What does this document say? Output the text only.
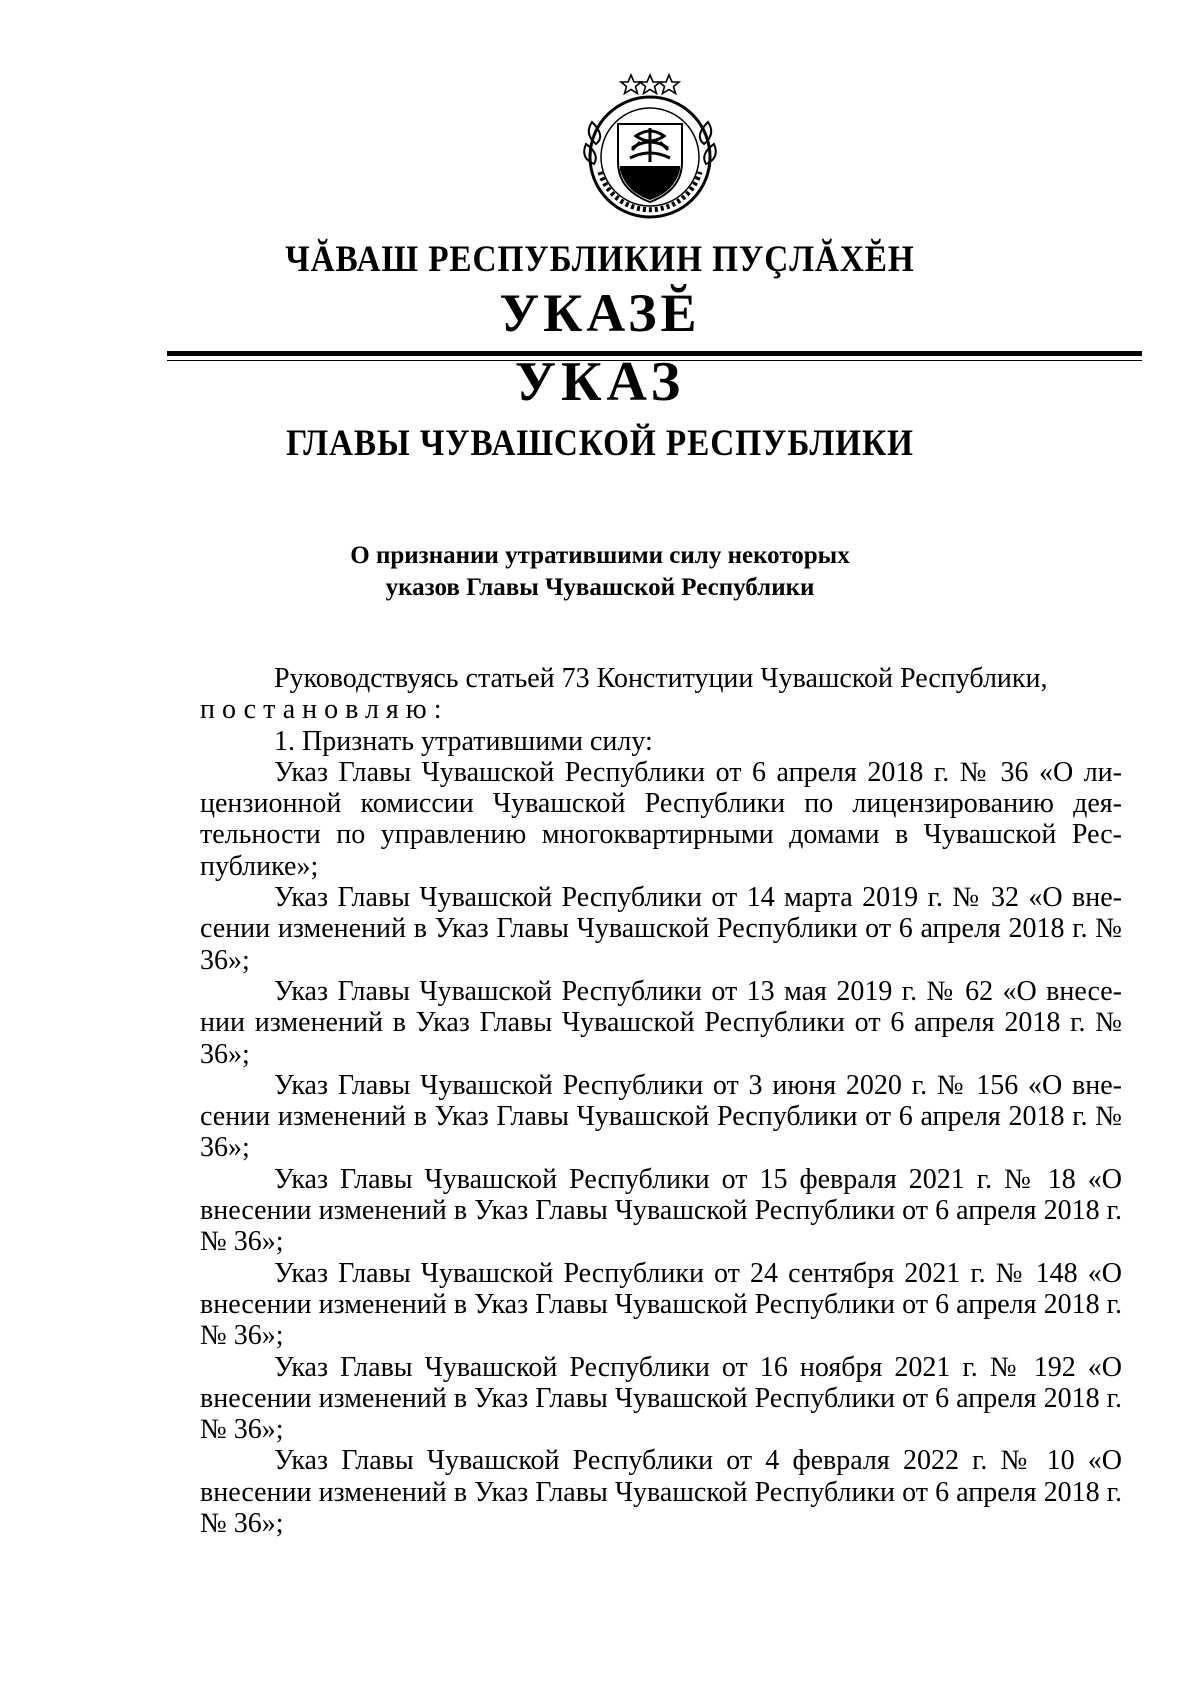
ЧĂВАШ РЕСПУБЛИКИН ПУÇЛĂХĔН
УКАЗĔ
УКАЗ
ГЛАВЫ ЧУВАШСКОЙ РЕСПУБЛИКИ
О признании утратившими силу некоторых
указов Главы Чувашской Республики

Руководствуясь статьей 73 Конституции Чувашской Республики,

постановляю:

1. Признать утратившими силу:

Указ Главы Чувашской Республики от 6 апреля 2018 г. № 36 «О лицензионной комиссии Чувашской Республики по лицензированию деятельности по управлению многоквартирными домами в Чувашской Республике»;

Указ Главы Чувашской Республики от 14 марта 2019 г. № 32 «О внесении изменений в Указ Главы Чувашской Республики от 6 апреля 2018 г. № 36»;

Указ Главы Чувашской Республики от 13 мая 2019 г. № 62 «О внесении изменений в Указ Главы Чувашской Республики от 6 апреля 2018 г. № 36»;

Указ Главы Чувашской Республики от 3 июня 2020 г. № 156 «О внесении изменений в Указ Главы Чувашской Республики от 6 апреля 2018 г. № 36»;

Указ Главы Чувашской Республики от 15 февраля 2021 г. № 18 «О внесении изменений в Указ Главы Чувашской Республики от 6 апреля 2018 г. № 36»;

Указ Главы Чувашской Республики от 24 сентября 2021 г. № 148 «О внесении изменений в Указ Главы Чувашской Республики от 6 апреля 2018 г. № 36»;

Указ Главы Чувашской Республики от 16 ноября 2021 г. № 192 «О внесении изменений в Указ Главы Чувашской Республики от 6 апреля 2018 г. № 36»;

Указ Главы Чувашской Республики от 4 февраля 2022 г. № 10 «О внесении изменений в Указ Главы Чувашской Республики от 6 апреля 2018 г. № 36»;
